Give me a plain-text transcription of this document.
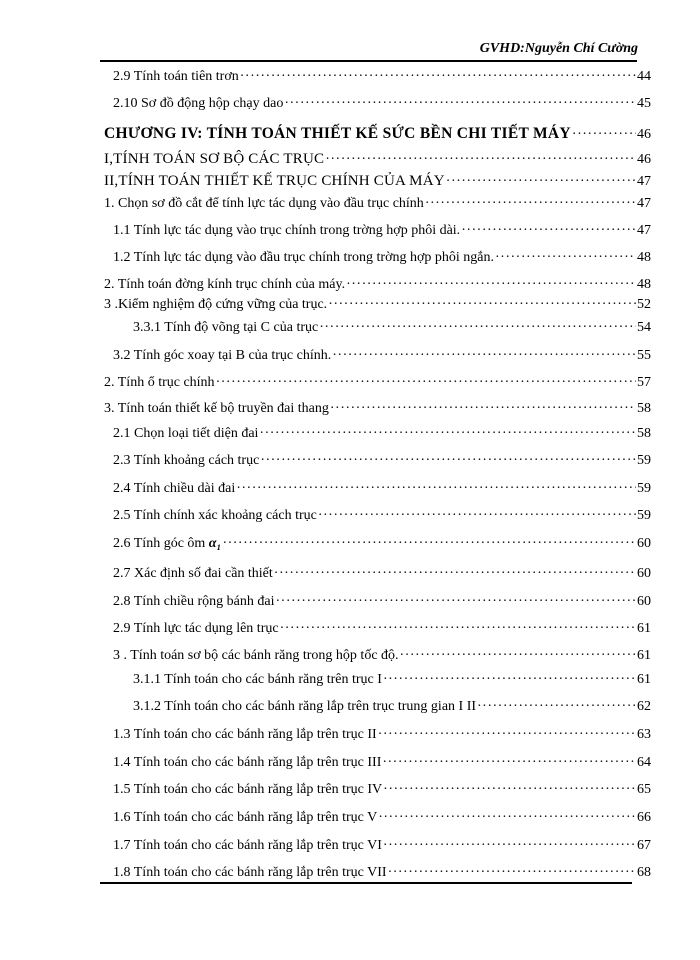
GVHD:Nguyễn Chí Cường
2.9 Tính toán tiên trơn ·····	44
2.10 Sơ đồ động hộp chạy dao ·····	45
CHƯƠNG IV: TÍNH TOÁN THIẾT KẾ SỨC BỀN CHI TIẾT MÁY ·····	46
I,TÍNH TOÁN SƠ BỘ CÁC TRỤC ·····	46
II,TÍNH TOÁN THIẾT KẾ TRỤC CHÍNH CỦA MÁY ·····	47
1. Chọn sơ đồ cắt để tính lực tác dụng vào đầu trục chính ·····	47
1.1 Tính lực tác dụng vào trục chính trong trờng hợp phôi dài. ·····	47
1.2 Tính lực tác dụng vào đầu trục chính trong trờng hợp phôi ngắn. ·····	48
2. Tính toán đờng kính trục chính của máy. ·····	48
3 .Kiểm nghiệm độ cứng vững của trục. ·····	52
3.3.1 Tính độ võng tại C của trục ·····	54
3.2 Tính góc xoay tại B của trục chính. ·····	55
2. Tính ổ trục chính ·····	57
3. Tính toán thiết kế bộ truyền đai thang ·····	58
2.1 Chọn loại tiết diện đai ·····	58
2.3 Tính khoảng cách trục ·····	59
2.4 Tính chiều dài đai ·····	59
2.5 Tính chính xác khoảng cách trục ·····	59
2.6 Tính góc ôm α₁ ·····	60
2.7 Xác định số đai cần thiết ·····	60
2.8 Tính chiều rộng bánh đai ·····	60
2.9 Tính lực tác dụng lên trục ·····	61
3 . Tính toán sơ bộ các bánh răng trong hộp tốc độ. ·····	61
3.1.1 Tính toán cho các bánh răng trên trục I ·····	61
3.1.2 Tính toán cho các bánh răng lắp trên trục trung gian I II ·····	62
1.3 Tính toán cho các bánh răng lắp trên trục II ·····	63
1.4 Tính toán cho các bánh răng lắp trên trục III ·····	64
1.5 Tính toán cho các bánh răng lắp trên trục IV ·····	65
1.6 Tính toán cho các bánh răng lắp trên trục V ·····	66
1.7 Tính toán cho các bánh răng lắp trên trục VI ·····	67
1.8 Tính toán cho các bánh răng lắp trên trục VII ·····	68
